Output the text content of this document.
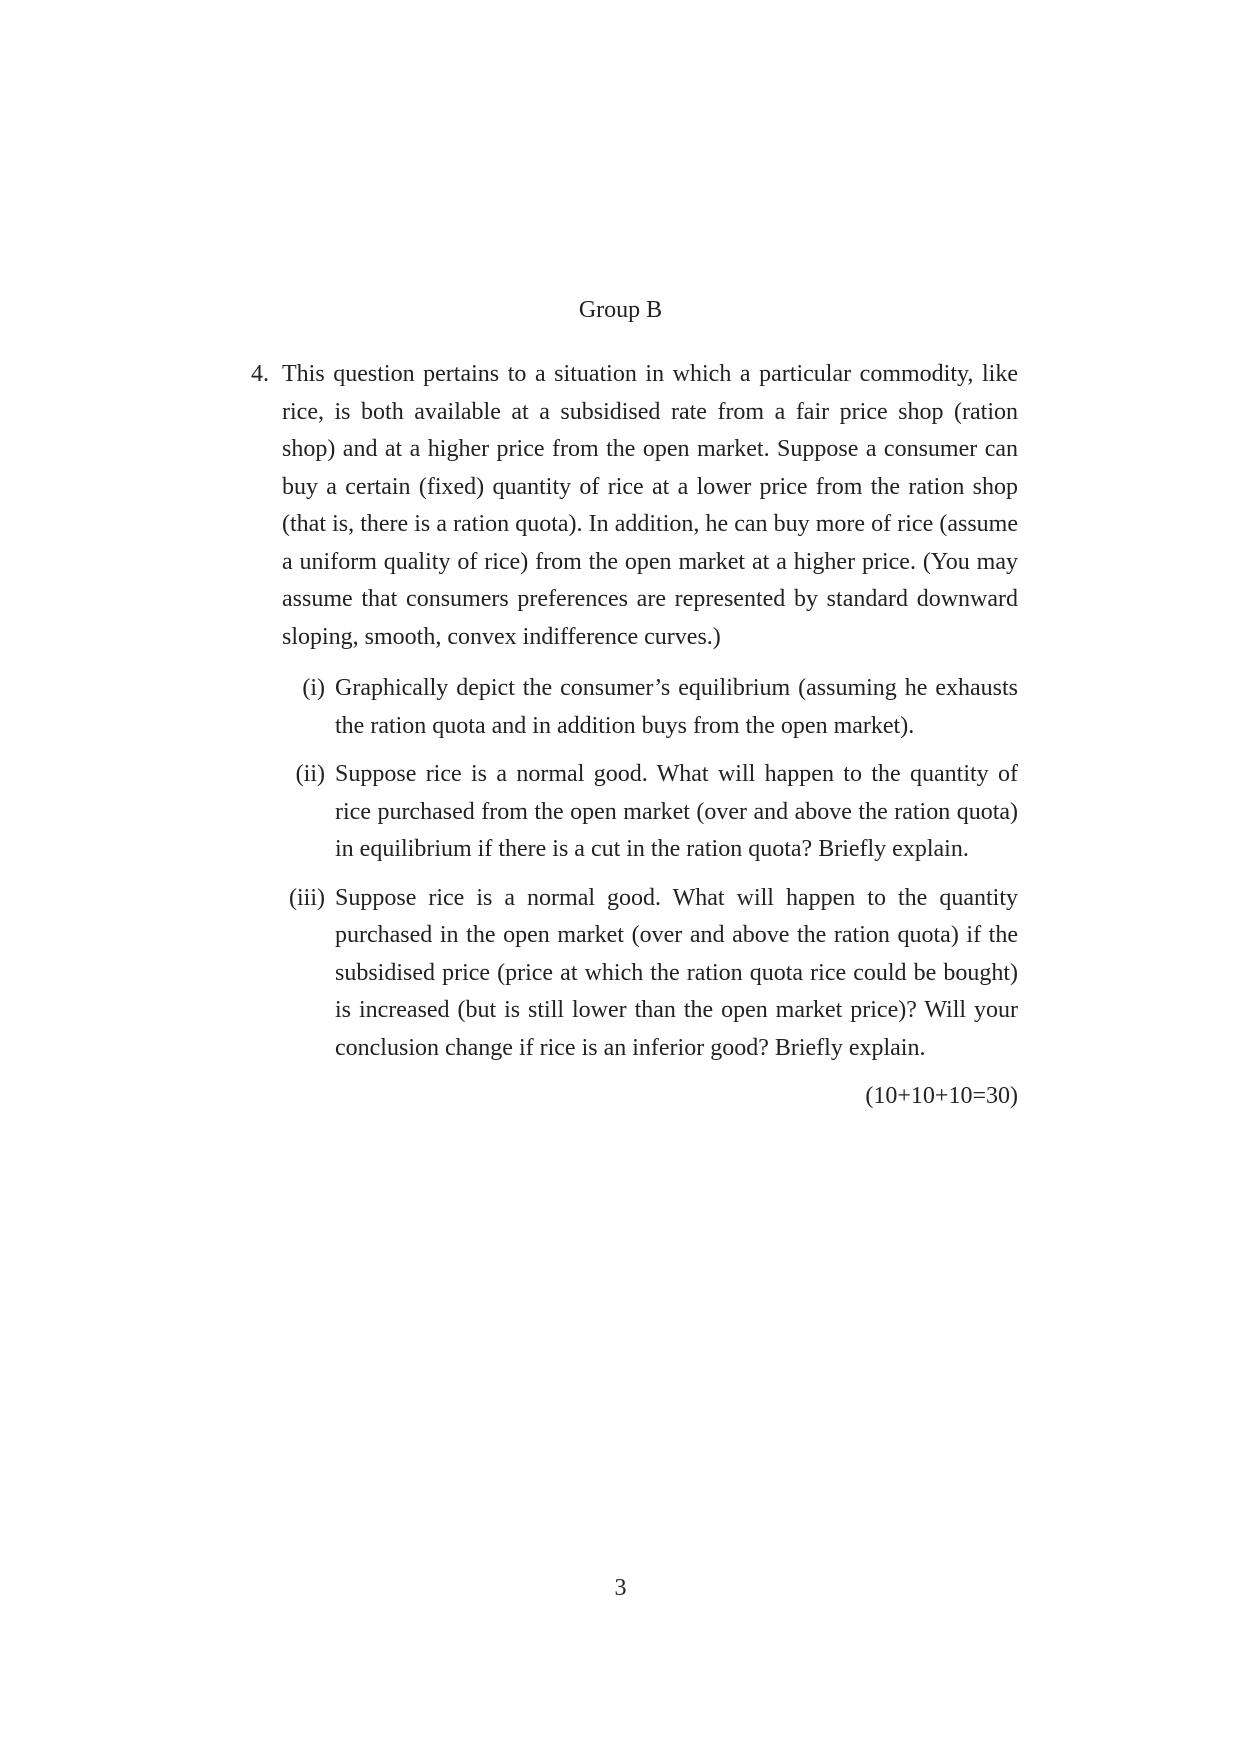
Group B
4. This question pertains to a situation in which a particular commodity, like rice, is both available at a subsidised rate from a fair price shop (ration shop) and at a higher price from the open market. Suppose a consumer can buy a certain (fixed) quantity of rice at a lower price from the ration shop (that is, there is a ration quota). In addition, he can buy more of rice (assume a uniform quality of rice) from the open market at a higher price. (You may assume that consumers preferences are represented by standard downward sloping, smooth, convex indifference curves.)
(i) Graphically depict the consumer’s equilibrium (assuming he exhausts the ration quota and in addition buys from the open market).
(ii) Suppose rice is a normal good. What will happen to the quantity of rice purchased from the open market (over and above the ration quota) in equilibrium if there is a cut in the ration quota? Briefly explain.
(iii) Suppose rice is a normal good. What will happen to the quantity purchased in the open market (over and above the ration quota) if the subsidised price (price at which the ration quota rice could be bought) is increased (but is still lower than the open market price)? Will your conclusion change if rice is an inferior good? Briefly explain.
(10+10+10=30)
3
